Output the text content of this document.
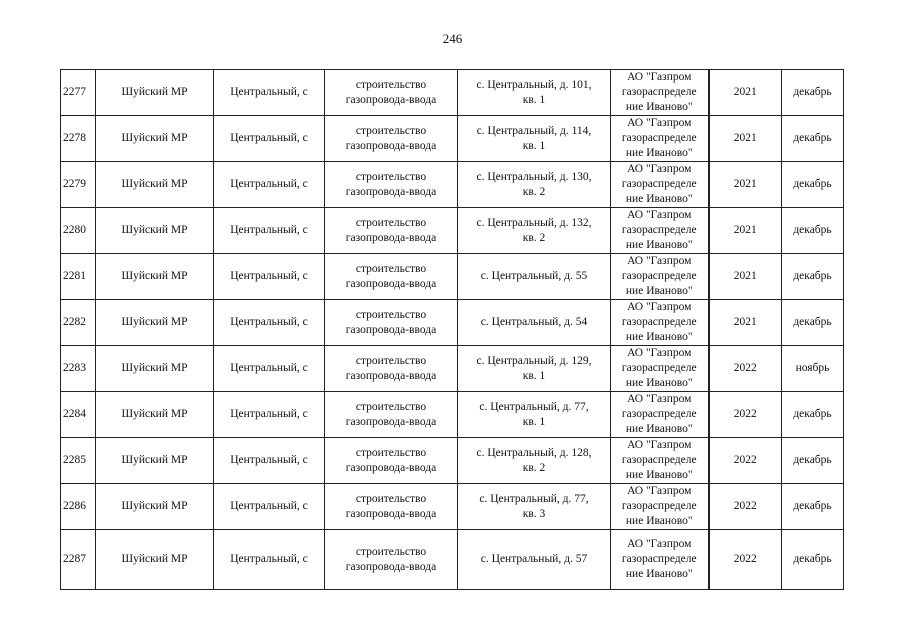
246
2277	Шуйский МР	Центральный, с	строительство
газопровода-ввода	с. Центральный, д. 101,
кв. 1	АО "Газпром
газораспределе
ние Иваново"	2021	декабрь
2278	Шуйский МР	Центральный, с	строительство
газопровода-ввода	с. Центральный, д. 114,
кв. 1	АО "Газпром
газораспределе
ние Иваново"	2021	декабрь
2279	Шуйский МР	Центральный, с	строительство
газопровода-ввода	с. Центральный, д. 130,
кв. 2	АО "Газпром
газораспределе
ние Иваново"	2021	декабрь
2280	Шуйский МР	Центральный, с	строительство
газопровода-ввода	с. Центральный, д. 132,
кв. 2	АО "Газпром
газораспределе
ние Иваново"	2021	декабрь
2281	Шуйский МР	Центральный, с	строительство
газопровода-ввода	с. Центральный, д. 55	АО "Газпром
газораспределе
ние Иваново"	2021	декабрь
2282	Шуйский МР	Центральный, с	строительство
газопровода-ввода	с. Центральный, д. 54	АО "Газпром
газораспределе
ние Иваново"	2021	декабрь
2283	Шуйский МР	Центральный, с	строительство
газопровода-ввода	с. Центральный, д. 129,
кв. 1	АО "Газпром
газораспределе
ние Иваново"	2022	ноябрь
2284	Шуйский МР	Центральный, с	строительство
газопровода-ввода	с. Центральный, д. 77,
кв. 1	АО "Газпром
газораспределе
ние Иваново"	2022	декабрь
2285	Шуйский МР	Центральный, с	строительство
газопровода-ввода	с. Центральный, д. 128,
кв. 2	АО "Газпром
газораспределе
ние Иваново"	2022	декабрь
2286	Шуйский МР	Центральный, с	строительство
газопровода-ввода	с. Центральный, д. 77,
кв. 3	АО "Газпром
газораспределе
ние Иваново"	2022	декабрь
2287	Шуйский МР	Центральный, с	строительство
газопровода-ввода	с. Центральный, д. 57	АО "Газпром
газораспределе
ние Иваново"	2022	декабрь
